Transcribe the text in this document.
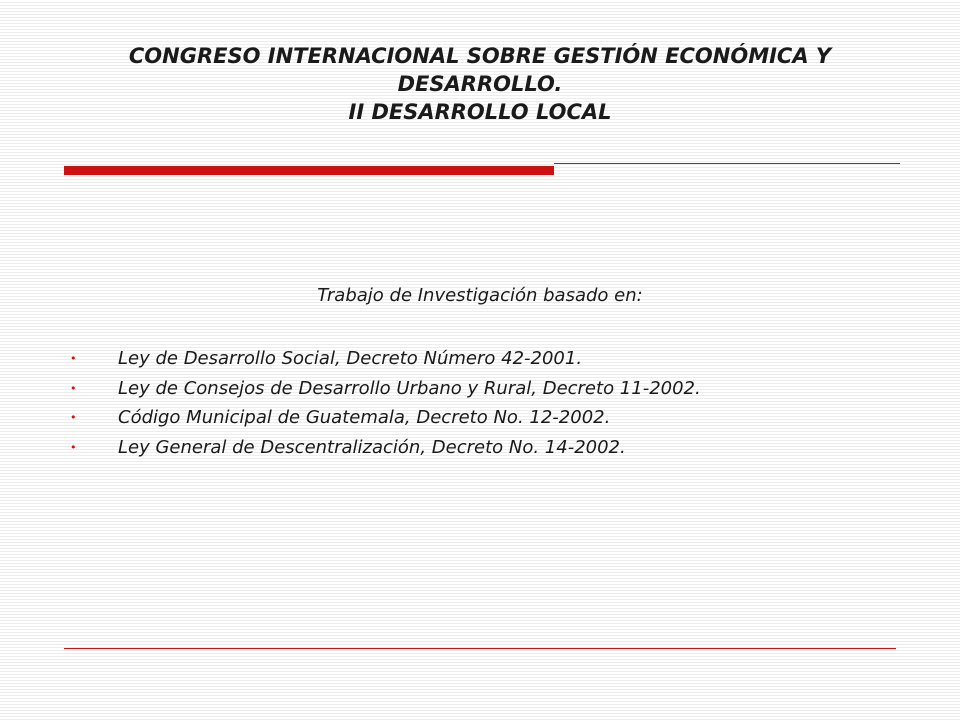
CONGRESO INTERNACIONAL SOBRE GESTIÓN ECONÓMICA Y
DESARROLLO.
II DESARROLLO LOCAL

Trabajo de Investigación basado en:

• Ley de Desarrollo Social, Decreto Número 42-2001.
• Ley de Consejos de Desarrollo Urbano y Rural, Decreto 11-2002.
• Código Municipal de Guatemala, Decreto No. 12-2002.
• Ley General de Descentralización, Decreto No. 14-2002.
